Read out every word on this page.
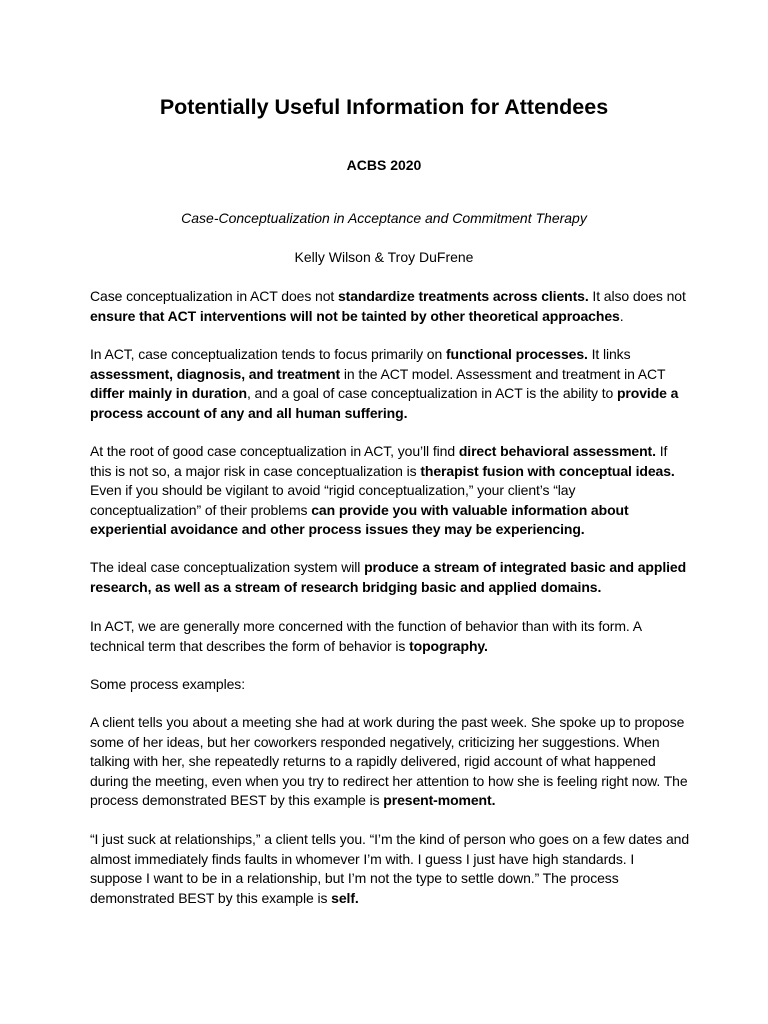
Potentially Useful Information for Attendees
ACBS 2020

Case-Conceptualization in Acceptance and Commitment Therapy

Kelly Wilson & Troy DuFrene

Case conceptualization in ACT does not standardize treatments across clients. It also does not ensure that ACT interventions will not be tainted by other theoretical approaches.

In ACT, case conceptualization tends to focus primarily on functional processes. It links assessment, diagnosis, and treatment in the ACT model. Assessment and treatment in ACT differ mainly in duration, and a goal of case conceptualization in ACT is the ability to provide a process account of any and all human suffering.

At the root of good case conceptualization in ACT, you’ll find direct behavioral assessment. If this is not so, a major risk in case conceptualization is therapist fusion with conceptual ideas. Even if you should be vigilant to avoid “rigid conceptualization,” your client’s “lay conceptualization” of their problems can provide you with valuable information about experiential avoidance and other process issues they may be experiencing.

The ideal case conceptualization system will produce a stream of integrated basic and applied research, as well as a stream of research bridging basic and applied domains.

In ACT, we are generally more concerned with the function of behavior than with its form. A technical term that describes the form of behavior is topography.

Some process examples:

A client tells you about a meeting she had at work during the past week. She spoke up to propose some of her ideas, but her coworkers responded negatively, criticizing her suggestions. When talking with her, she repeatedly returns to a rapidly delivered, rigid account of what happened during the meeting, even when you try to redirect her attention to how she is feeling right now. The process demonstrated BEST by this example is present-moment.

“I just suck at relationships,” a client tells you. “I’m the kind of person who goes on a few dates and almost immediately finds faults in whomever I’m with. I guess I just have high standards. I suppose I want to be in a relationship, but I’m not the type to settle down.” The process demonstrated BEST by this example is self.
